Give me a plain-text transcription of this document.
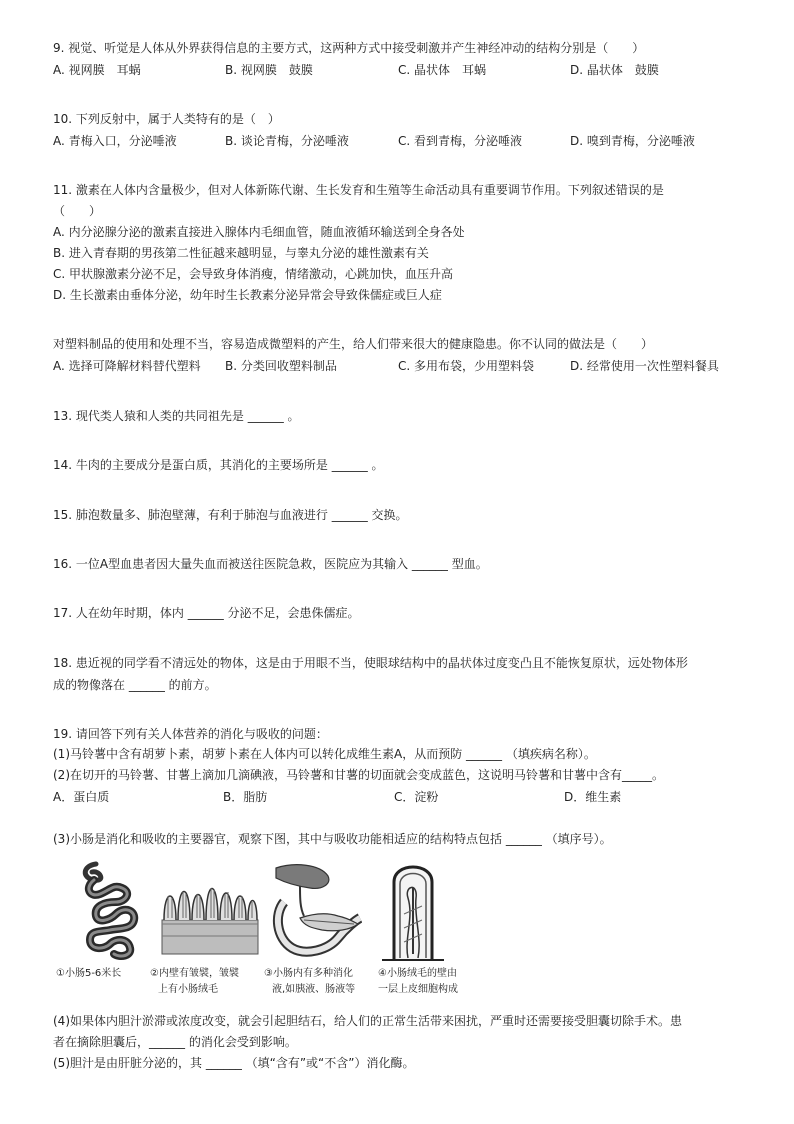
9. 视觉、听觉是人体从外界获得信息的主要方式，这两种方式中接受刺激并产生神经冲动的结构分别是（　　）
A. 视网膜　耳蜗	B. 视网膜　鼓膜	C. 晶状体　耳蜗	D. 晶状体　鼓膜
10. 下列反射中，属于人类特有的是（　）
A. 青梅入口，分泌唾液	B. 谈论青梅，分泌唾液	C. 看到青梅，分泌唾液	D. 嗅到青梅，分泌唾液
11. 激素在人体内含量极少，但对人体新陈代谢、生长发育和生殖等生命活动具有重要调节作用。下列叙述错误的是
（　　）
A. 内分泌腺分泌的激素直接进入腺体内毛细血管，随血液循环输送到全身各处
B. 进入青春期的男孩第二性征越来越明显，与睾丸分泌的雄性激素有关
C. 甲状腺激素分泌不足，会导致身体消瘦，情绪激动，心跳加快，血压升高
D. 生长激素由垂体分泌，幼年时生长教素分泌异常会导致侏儒症或巨人症
对塑料制品的使用和处理不当，容易造成微塑料的产生，给人们带来很大的健康隐患。你不认同的做法是（　　）
A. 选择可降解材料替代塑料 B. 分类回收塑料制品	C. 多用布袋，少用塑料袋	D. 经常使用一次性塑料餐具
13. 现代类人猿和人类的共同祖先是 ______ 。
14. 牛肉的主要成分是蛋白质，其消化的主要场所是 ______ 。
15. 肺泡数量多、肺泡壁薄，有利于肺泡与血液进行 ______ 交换。
16. 一位A型血患者因大量失血而被送往医院急救，医院应为其输入 ______ 型血。
17. 人在幼年时期，体内 ______ 分泌不足，会患侏儒症。
18. 患近视的同学看不清远处的物体，这是由于用眼不当，使眼球结构中的晶状体过度变凸且不能恢复原状，远处物体形
成的物像落在 ______ 的前方。
19. 请回答下列有关人体营养的消化与吸收的问题：
(1)马铃薯中含有胡萝卜素，胡萝卜素在人体内可以转化成维生素A，从而预防 ______ （填疾病名称）。
(2)在切开的马铃薯、甘薯上滴加几滴碘液，马铃薯和甘薯的切面就会变成蓝色，这说明马铃薯和甘薯中含有_____。
A．蛋白质	B．脂肪	C．淀粉	D．维生素
(3)小肠是消化和吸收的主要器官，观察下图，其中与吸收功能相适应的结构特点包括 ______ （填序号）。
①小肠5-6米长	②内壁有皱襞，皱襞
上有小肠绒毛
③小肠内有多种消化
液,如胰液、肠液等
④小肠绒毛的壁由
一层上皮细胞构成
(4)如果体内胆汁淤滞或浓度改变，就会引起胆结石，给人们的正常生活带来困扰，严重时还需要接受胆囊切除手术。患
者在摘除胆囊后，______ 的消化会受到影响。
(5)胆汁是由肝脏分泌的，其 ______ （填“含有”或“不含”）消化酶。
